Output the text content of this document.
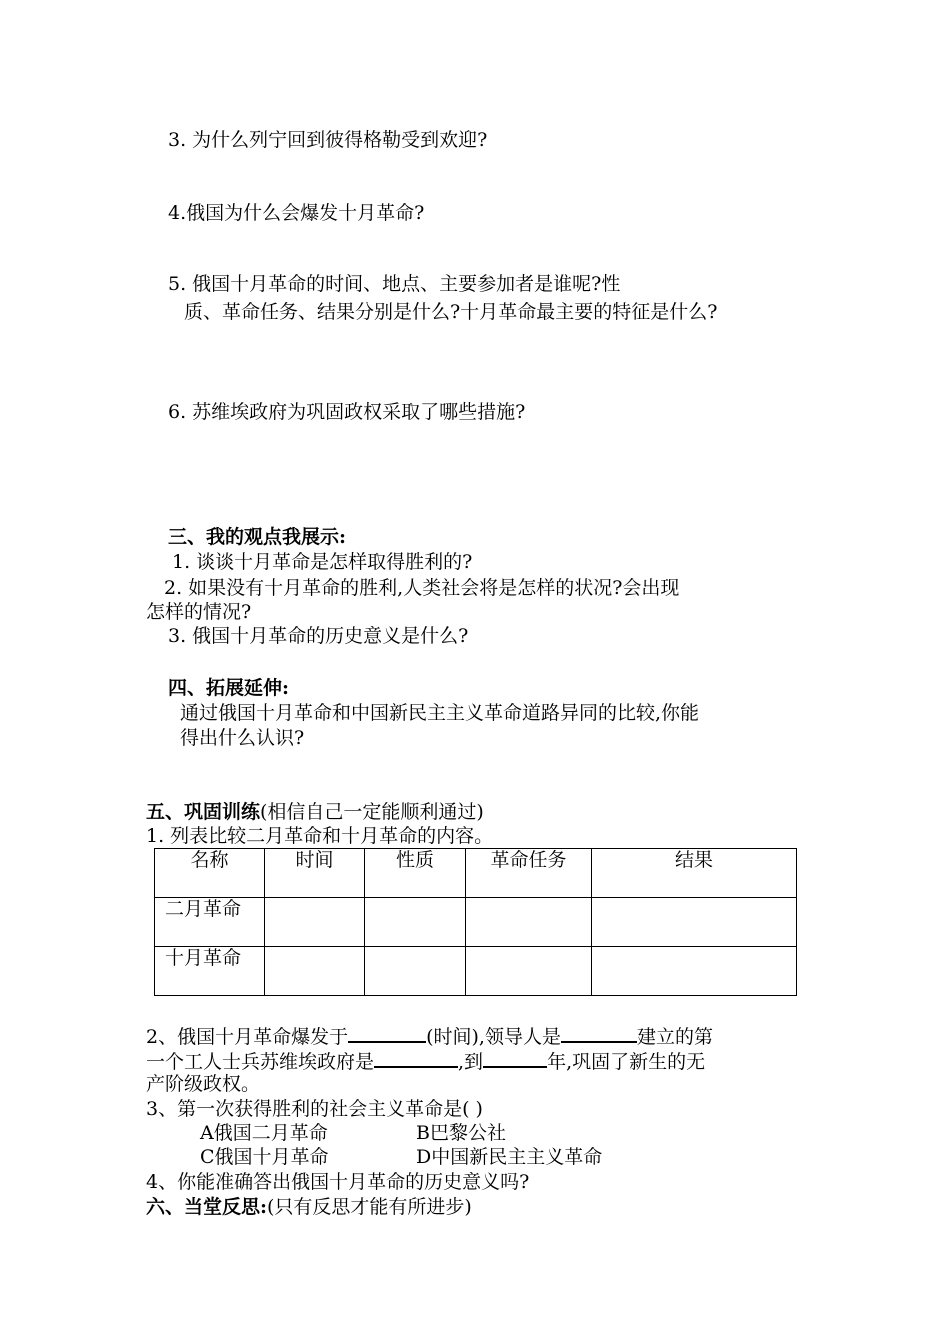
3. 为什么列宁回到彼得格勒受到欢迎?
4.俄国为什么会爆发十月革命?
5. 俄国十月革命的时间、地点、主要参加者是谁呢?性
质、革命任务、结果分别是什么?十月革命最主要的特征是什么?
6. 苏维埃政府为巩固政权采取了哪些措施?
三、我的观点我展示:
1. 谈谈十月革命是怎样取得胜利的?
2. 如果没有十月革命的胜利,人类社会将是怎样的状况?会出现
怎样的情况?
3. 俄国十月革命的历史意义是什么?
四、拓展延伸:
通过俄国十月革命和中国新民主主义革命道路异同的比较,你能
得出什么认识?
五、巩固训练(相信自己一定能顺利通过)
1. 列表比较二月革命和十月革命的内容。
名称	时间	性质	革命任务	结果
二月革命				
十月革命				
2、俄国十月革命爆发于	(时间),领导人是	建立的第
一个工人士兵苏维埃政府是	,到	年,巩固了新生的无
产阶级政权。
3、第一次获得胜利的社会主义革命是( )
A俄国二月革命	B巴黎公社
C俄国十月革命	D中国新民主主义革命
4、你能准确答出俄国十月革命的历史意义吗?
六、当堂反思:(只有反思才能有所进步)
